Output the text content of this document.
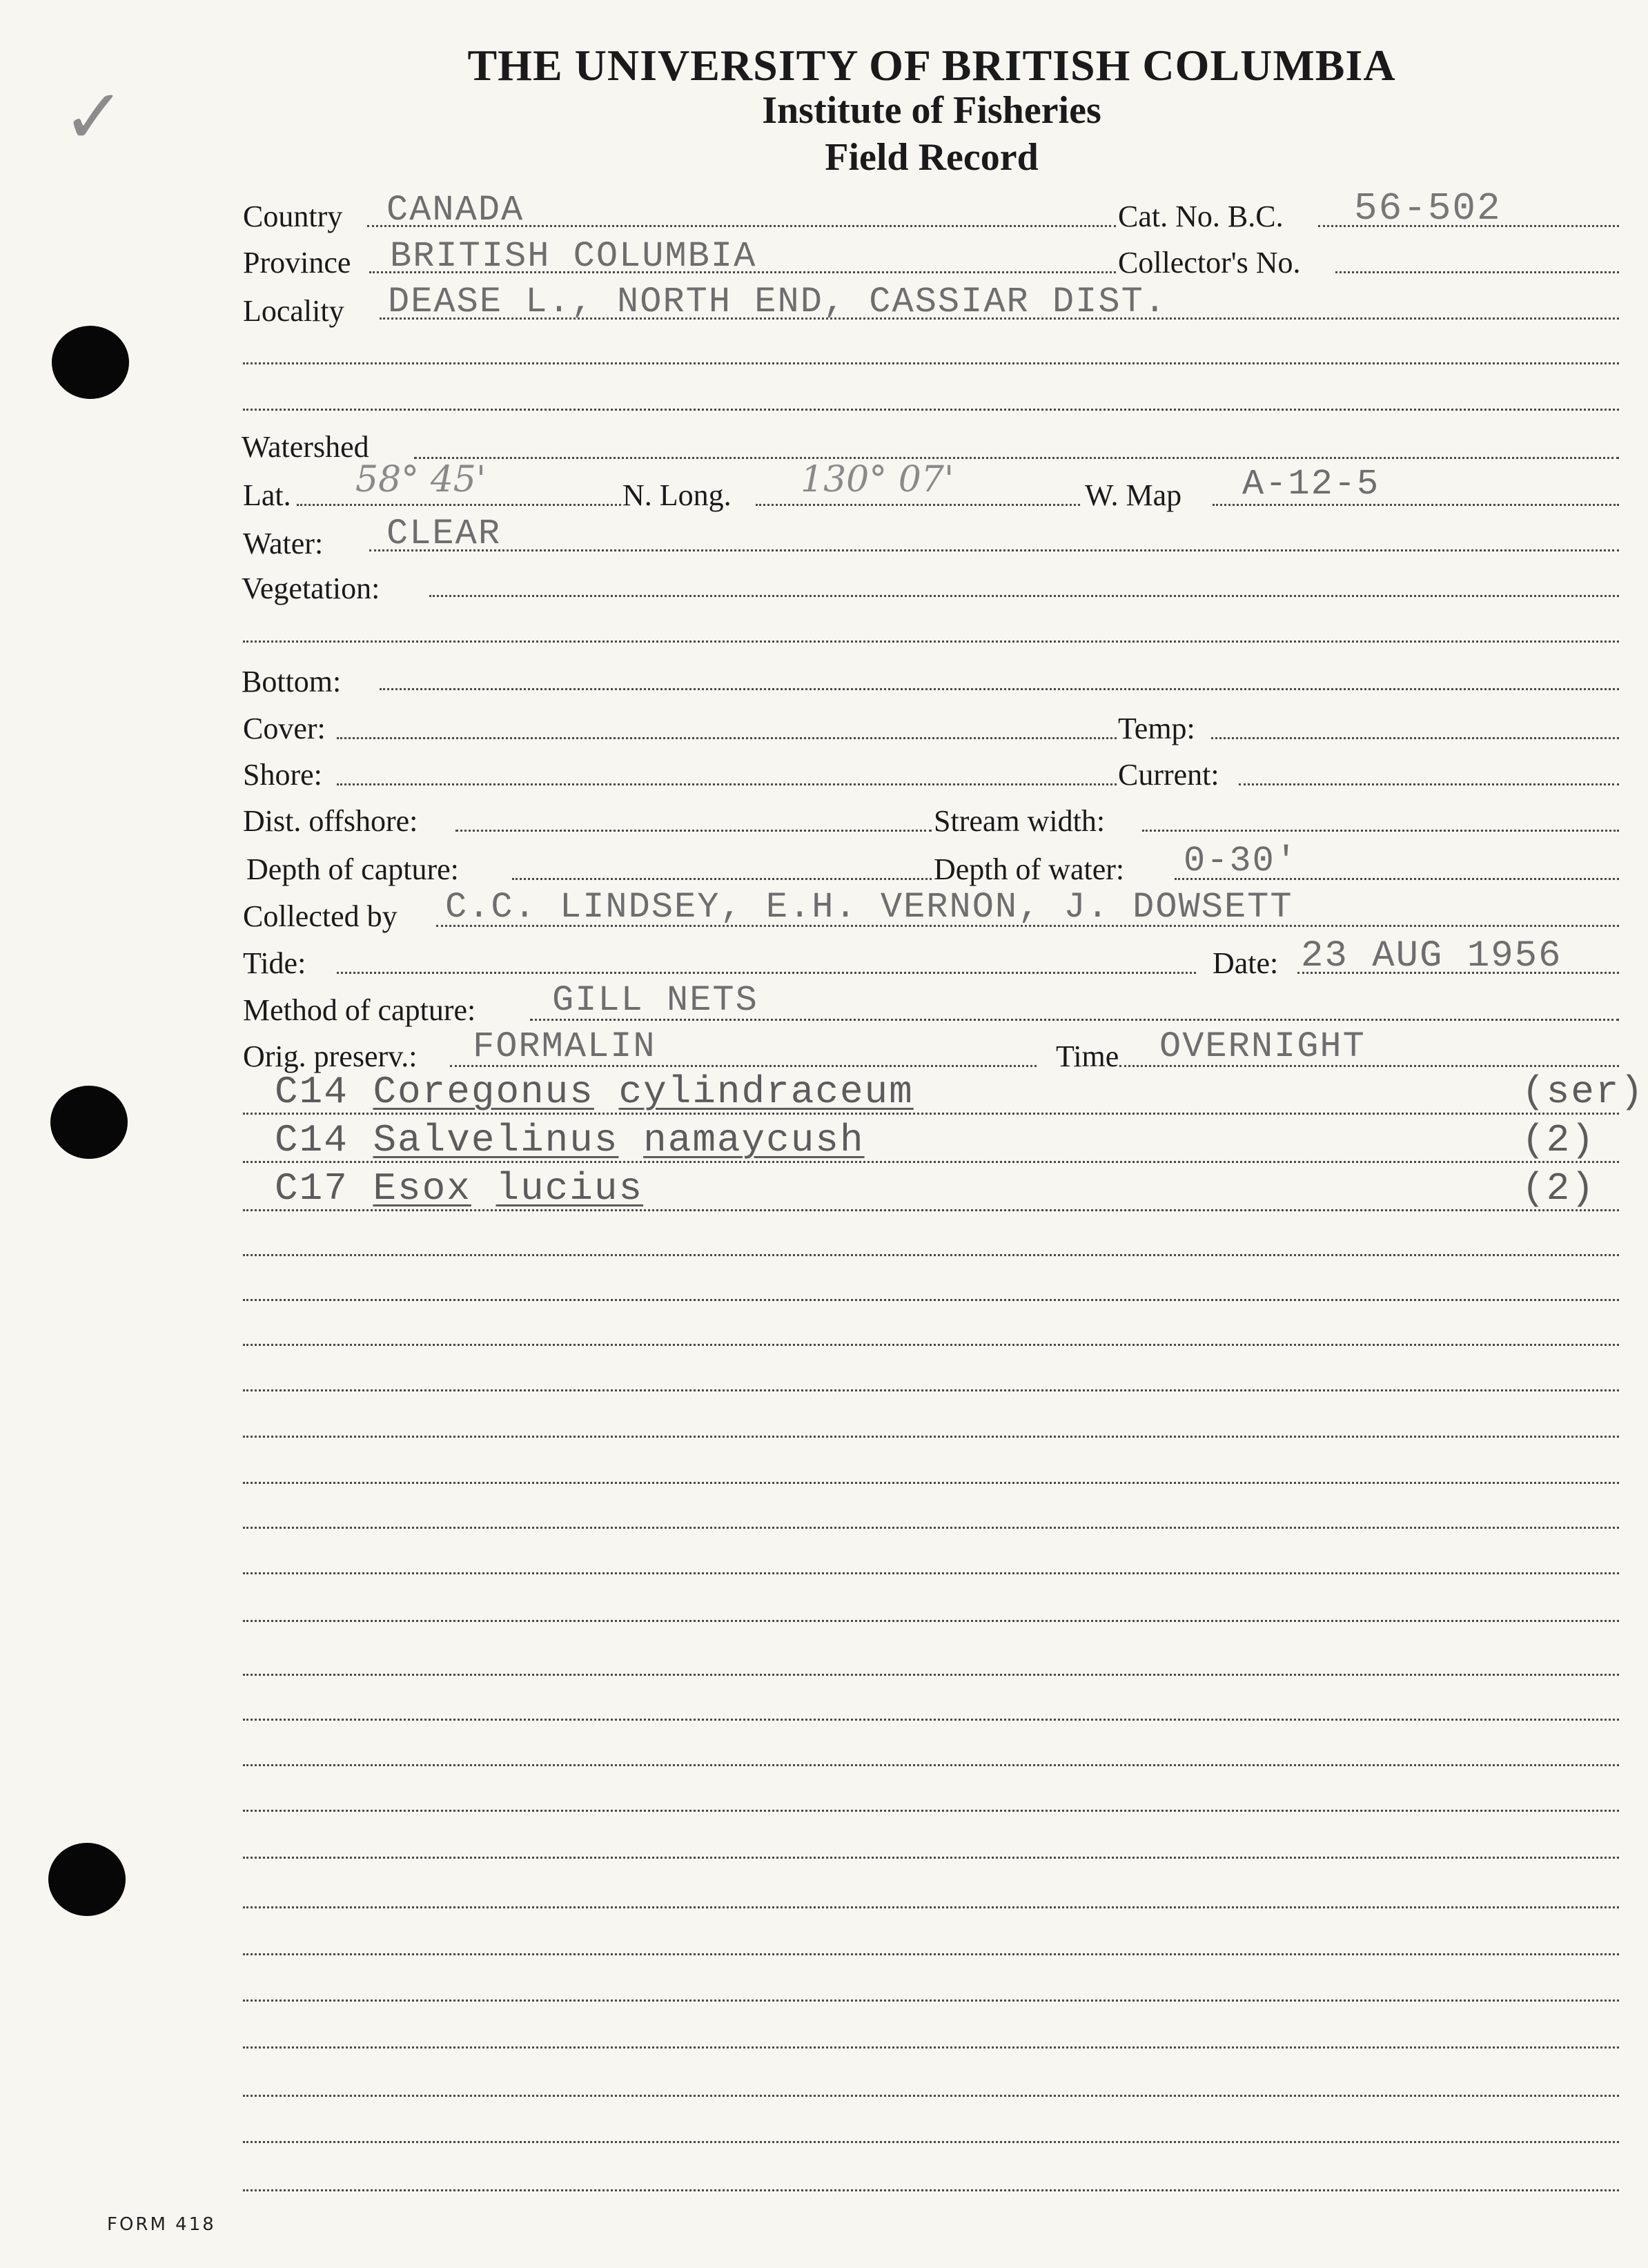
THE UNIVERSITY OF BRITISH COLUMBIA
Institute of Fisheries
Field Record
✓
Country CANADA	Cat. No. B.C. 56-502
Province BRITISH COLUMBIA	Collector's No.
Locality DEASE L., NORTH END, CASSIAR DIST.
Watershed
Lat. 58° 45'	N. Long. 130° 07'	W. Map A-12-5
Water: CLEAR
Vegetation:
Bottom:
Cover:	Temp:
Shore:	Current:
Dist. offshore:	Stream width:
Depth of capture:	Depth of water: 0-30'
Collected by C.C. LINDSEY, E.H. VERNON, J. DOWSETT
Tide:	Date: 23 AUG 1956
Method of capture: GILL NETS
Orig. preserv.: FORMALIN	Time OVERNIGHT
C14 Coregonus cylindraceum	(ser)
C14 Salvelinus namaycush	(2)
C17 Esox lucius	(2)
FORM 418
